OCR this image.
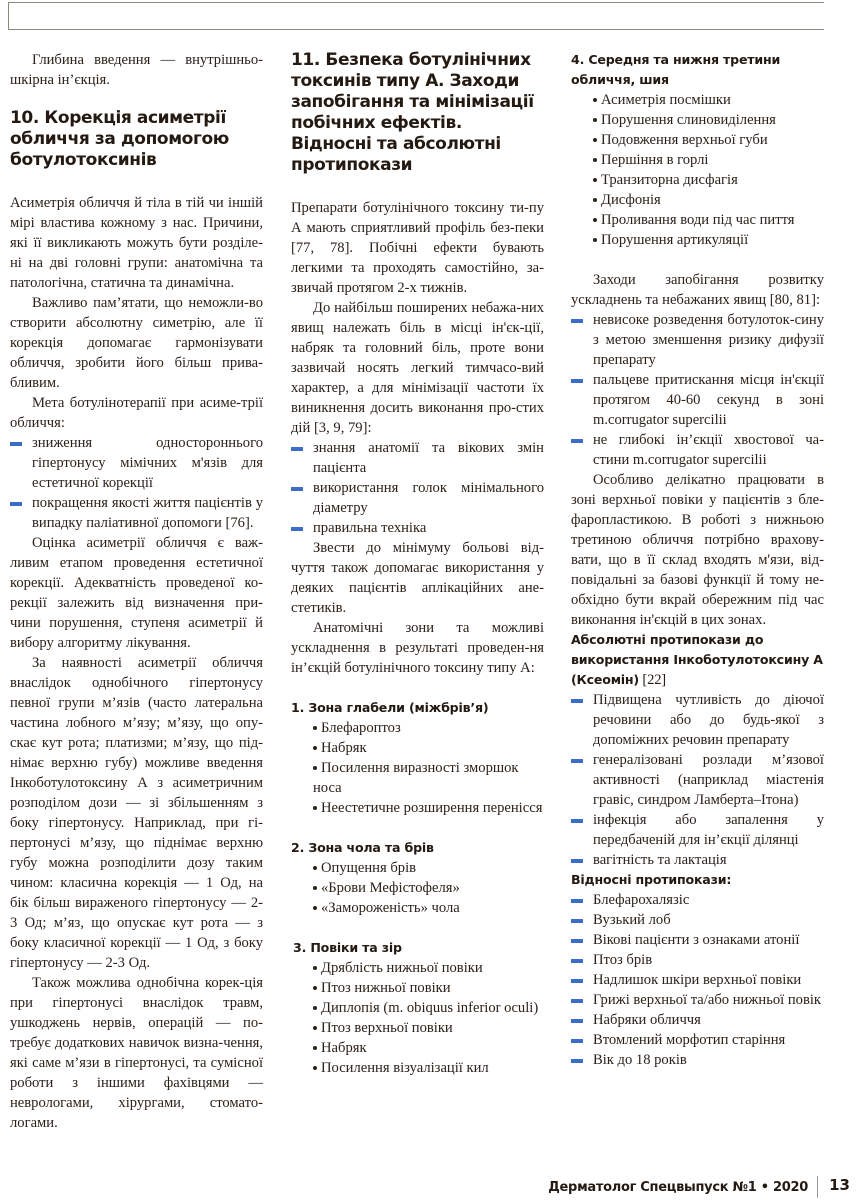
Глибина введення — внутрішньо-шкірна ін’єкція.

10. Корекція асиметрії обличчя за допомогою ботулотоксинів

Асиметрія обличчя й тіла в тій чи іншій мірі властива кожному з нас. Причини, які її викликають можуть бути розділе-ні на дві головні групи: анатомічна та патологічна, статична та динамічна.

Важливо пам’ятати, що неможли-во створити абсолютну симетрію, але її корекція допомагає гармонізувати обличчя, зробити його більш прива-бливим.

Мета ботулінотерапії при асиме-трії обличчя:

зниження одностороннього гіпертонусу мімічних м'язів для естетичної корекції
покращення якості життя пацієнтів у випадку паліативної допомоги [76].

Оцінка асиметрії обличчя є важ-ливим етапом проведення естетичної корекції. Адекватність проведеної ко-рекції залежить від визначення при-чини порушення, ступеня асиметрії й вибору алгоритму лікування.

За наявності асиметрії обличчя внаслідок однобічного гіпертонусу певної групи м’язів (часто латеральна частина лобного м’язу; м’язу, що опу-скає кут рота; платизми; м’язу, що під-німає верхню губу) можливе введення Інкоботулотоксину А з асиметричним розподілом дози — зі збільшенням з боку гіпертонусу. Наприклад, при гі-пертонусі м’язу, що піднімає верхню губу можна розподілити дозу таким чином: класична корекція — 1 Од, на бік більш вираженого гіпертонусу — 2-3 Од; м’яз, що опускає кут рота — з боку класичної корекції — 1 Од, з боку гіпертонусу — 2-3 Од.

Також можлива однобічна корек-ція при гіпертонусі внаслідок травм, ушкоджень нервів, операцій — по-требує додаткових навичок визна-чення, які саме м’язи в гіпертонусі, та сумісної роботи з іншими фахівцями — неврологами, хірургами, стомато-логами.

11. Безпека ботулінічних токсинів типу А. Заходи запобігання та мінімізації побічних ефектів. Відносні та абсолютні протипокази

Препарати ботулінічного токсину ти-пу А мають сприятливий профіль без-пеки [77, 78]. Побічні ефекти бувають легкими та проходять самостійно, за-звичай протягом 2-х тижнів.

До найбільш поширених небажа-них явищ належать біль в місці ін'єк-ції, набряк та головний біль, проте вони зазвичай носять легкий тимчасо-вий характер, а для мінімізації частоти їх виникнення досить виконання про-стих дій [3, 9, 79]:

знання анатомії та вікових змін пацієнта
використання голок мінімального діаметру
правильна техніка

Звести до мінімуму больові від-чуття також допомагає використання у деяких пацієнтів аплікаційних ане-стетиків.

Анатомічні зони та можливі ускладнення в результаті проведен-ня ін’єкцій ботулінічного токсину типу А:

1. Зона глабели (міжбрів’я)
Блефароптоз
Набряк
Посилення виразності зморшок носа
Неестетичне розширення перенісся
2. Зона чола та брів
Опущення брів
«Брови Мефістофеля»
«Замороженість» чола
3. Повіки та зір
Дряблість нижньої повіки
Птоз нижньої повіки
Диплопія (m. obiquus inferior oculi)
Птоз верхньої повіки
Набряк
Посилення візуалізації кил
4. Середня та нижня третини обличчя, шия
Асиметрія посмішки
Порушення слиновиділення
Подовження верхньої губи
Першіння в горлі
Транзиторна дисфагія
Дисфонія
Проливання води під час пиття
Порушення артикуляції

Заходи запобігання розвитку ускладнень та небажаних явищ [80, 81]:

невисоке розведення ботулоток-сину з метою зменшення ризику дифузії препарату
пальцеве притискання місця ін'єкції протягом 40-60 секунд в зоні m.corrugator supercilii
не глибокі ін’єкції хвостової ча-стини m.corrugator supercilii

Особливо делікатно працювати в зоні верхньої повіки у пацієнтів з бле-фаропластикою. В роботі з нижньою третиною обличчя потрібно врахову-вати, що в її склад входять м'язи, від-повідальні за базові функції й тому не-обхідно бути вкрай обережним під час виконання ін'єкцій в цих зонах.

Абсолютні протипокази до використання Інкоботулотоксину А (Ксеомін) [22]
Підвищена чутливість до діючої речовини або до будь-якої з допоміжних речовин препарату
генералізовані розлади м’язової активності (наприклад міастенія гравіс, синдром Ламберта–Ітона)
інфекція або запалення у передбаченій для ін’єкції ділянці
вагітність та лактація
Відносні протипокази:
Блефарохалязіс
Вузький лоб
Вікові пацієнти з ознаками атонії
Птоз брів
Надлишок шкіри верхньої повіки
Грижі верхньої та/або нижньої повік
Набряки обличчя
Втомлений морфотип старіння
Вік до 18 років
Дерматолог Спецвыпуск №1 • 2020 13
